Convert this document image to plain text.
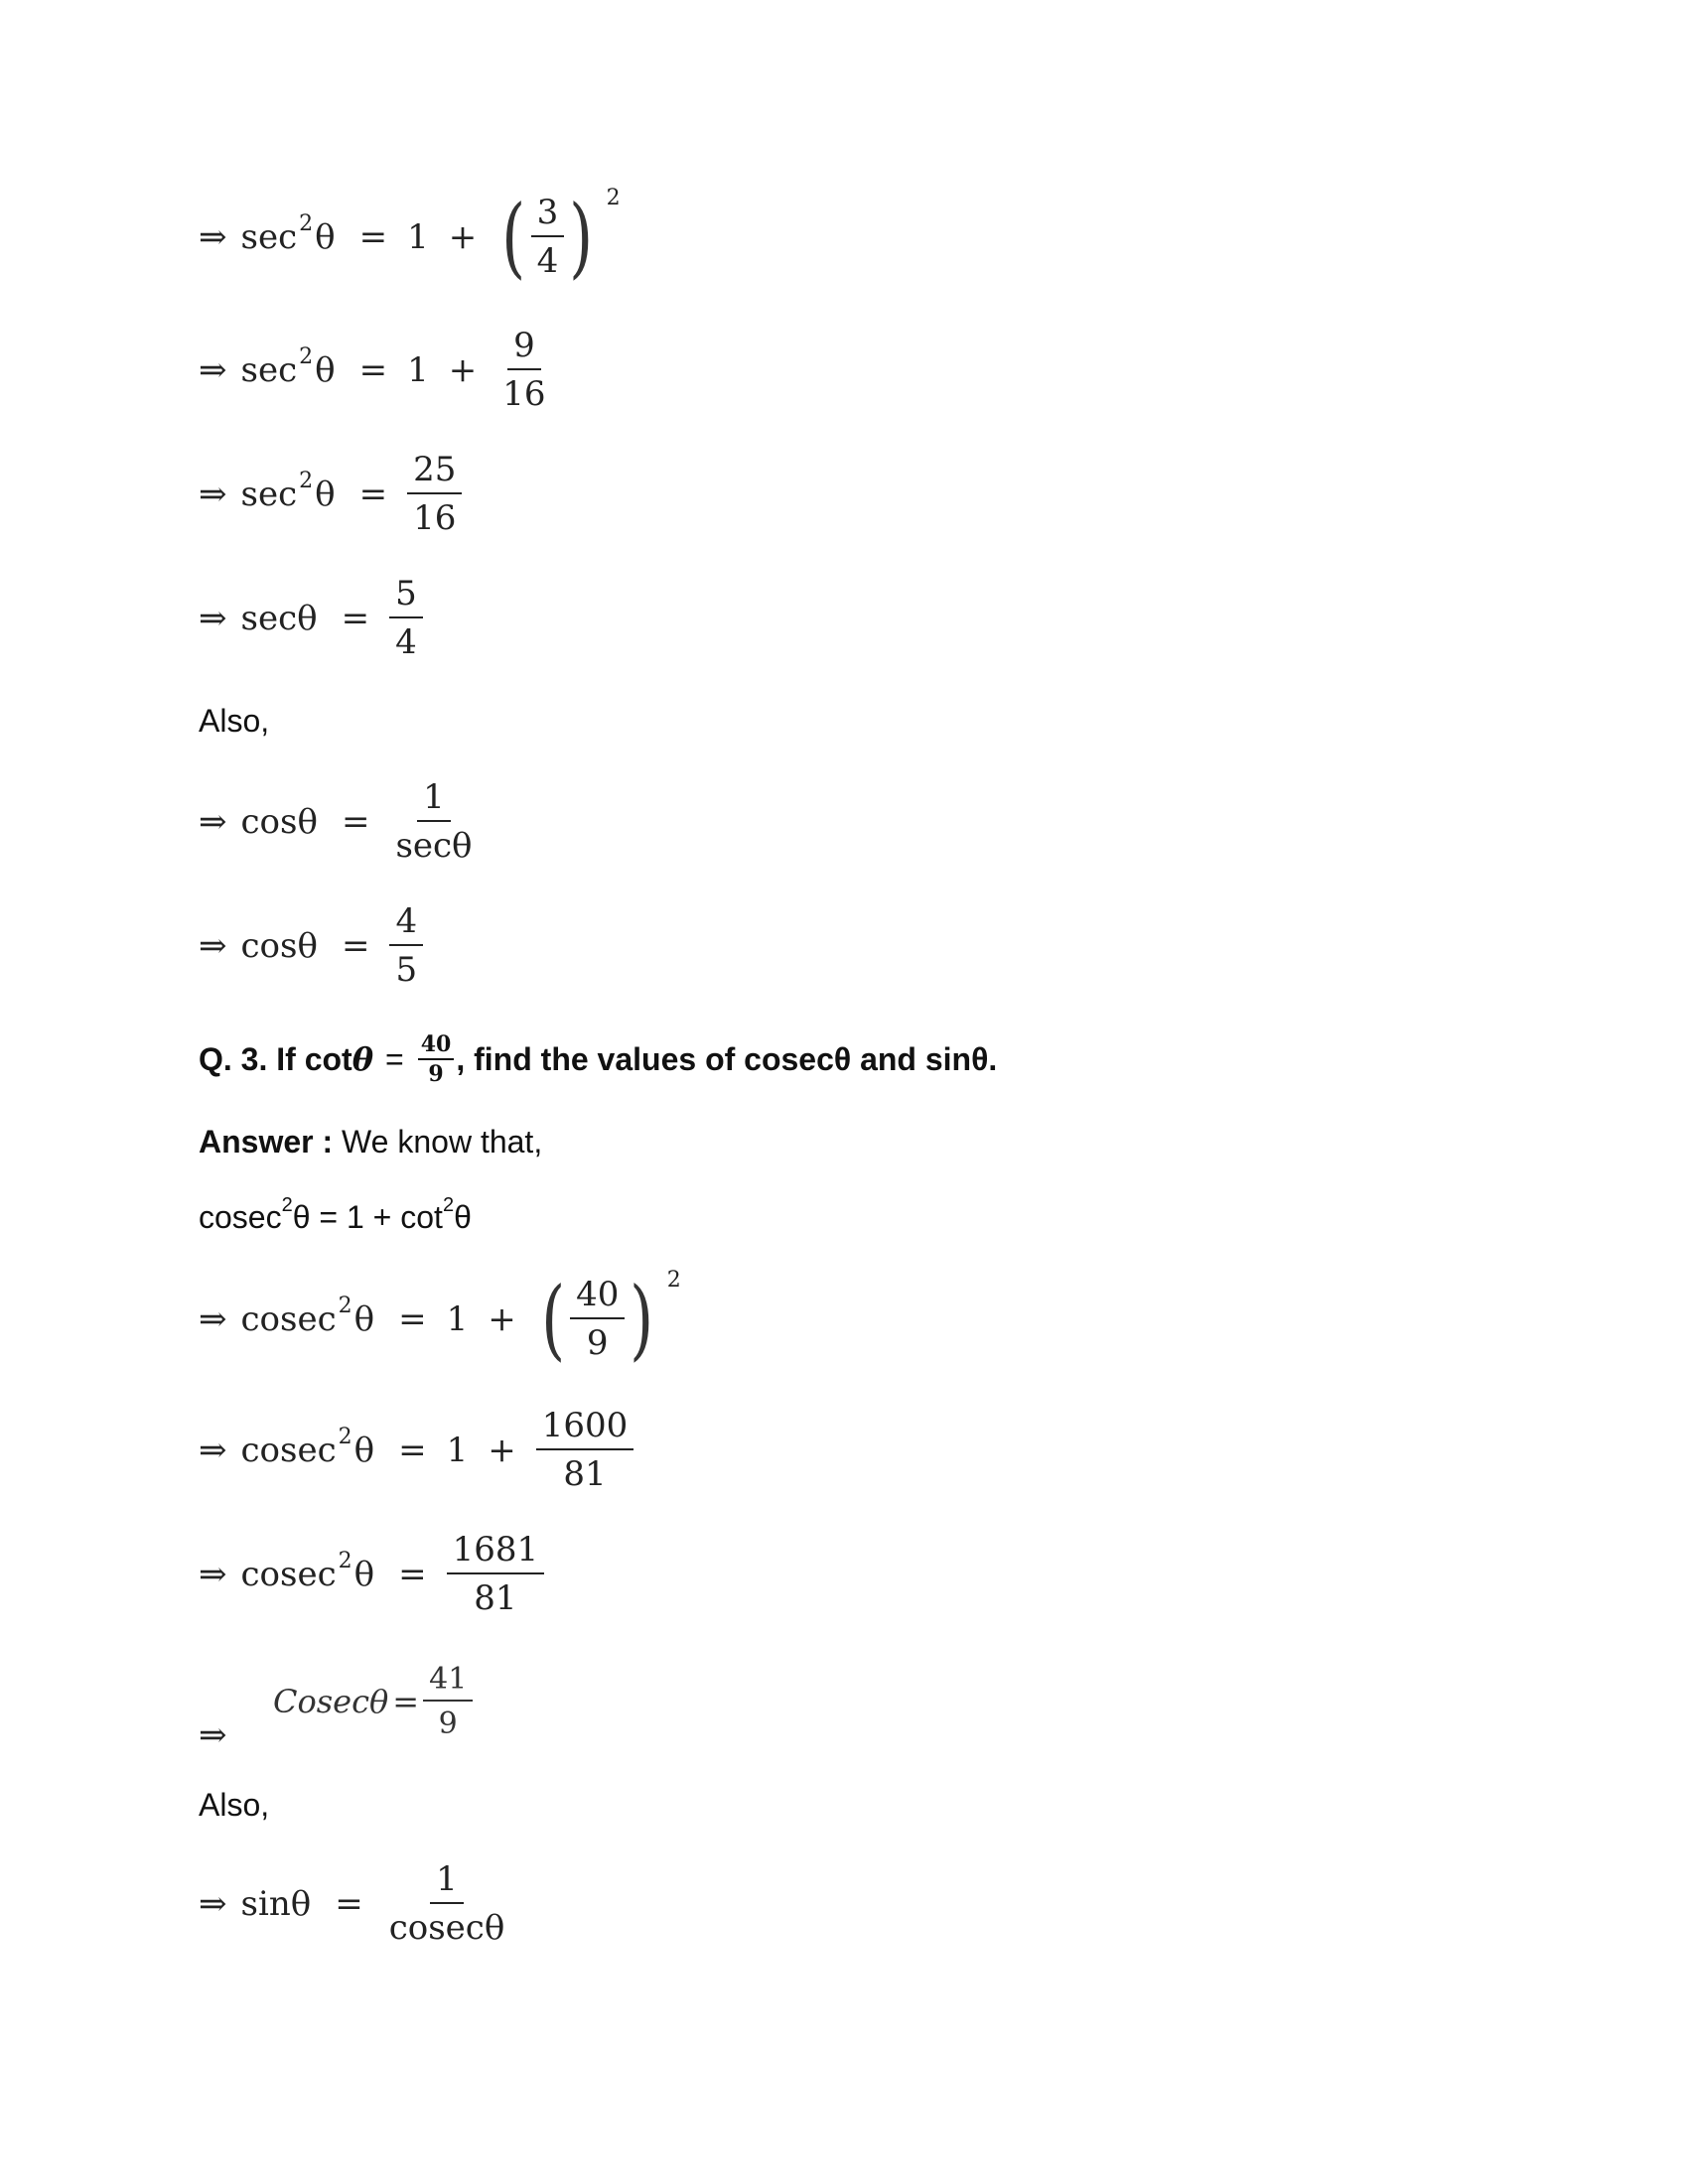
⇒ $\sec^2 \theta = 1$ + ( $\frac{3}{4}$ ) 2
⇒ $\sec^2 \theta = 1 + \frac{9}{16}$
⇒ $\sec^2 \theta = \frac{25}{16}$
⇒ $\sec\theta = \frac{5}{4}$
Also,
⇒ $\cos\theta = \frac{1}{\sec\theta}$
⇒ $\cos\theta = \frac{4}{5}$
Q. 3. If $\cot \theta = \frac{40}{9}$ , find the values of cosecθ and sinθ.
Answer : We know that,
cosec$^2$ $\theta = 1 + \cot^2 \theta$
⇒ cosec$^2$ θ = 1 + ( $\frac{40}{9}$ ) 2
⇒ cosec$^2$ $\theta = 1 + \frac{1600}{81}$
⇒ cosec$^2$ $\theta = \frac{1681}{81}$
$Cosec\theta = \frac{41}{9}$
⇒
Also,
⇒ $\sin\theta = \frac{1}{cosec\theta}$
